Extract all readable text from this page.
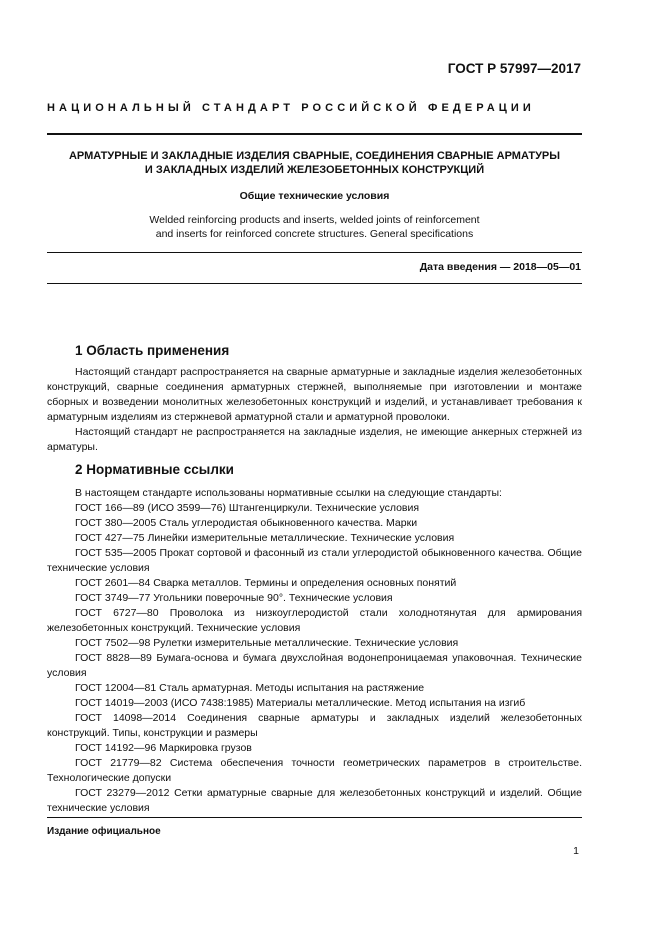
ГОСТ Р 57997—2017
НАЦИОНАЛЬНЫЙ СТАНДАРТ РОССИЙСКОЙ ФЕДЕРАЦИИ
АРМАТУРНЫЕ И ЗАКЛАДНЫЕ ИЗДЕЛИЯ СВАРНЫЕ, СОЕДИНЕНИЯ СВАРНЫЕ АРМАТУРЫ
И ЗАКЛАДНЫХ ИЗДЕЛИЙ ЖЕЛЕЗОБЕТОННЫХ КОНСТРУКЦИЙ
Общие технические условия
Welded reinforcing products and inserts, welded joints of reinforcement
and inserts for reinforced concrete structures. General specifications
Дата введения — 2018—05—01
1 Область применения

Настоящий стандарт распространяется на сварные арматурные и закладные изделия железобетонных конструкций, сварные соединения арматурных стержней, выполняемые при изготовлении и монтаже сборных и возведении монолитных железобетонных конструкций и изделий, и устанавливает требования к арматурным изделиям из стержневой арматурной стали и арматурной проволоки.

Настоящий стандарт не распространяется на закладные изделия, не имеющие анкерных стержней из арматуры.

2 Нормативные ссылки

В настоящем стандарте использованы нормативные ссылки на следующие стандарты:

ГОСТ 166—89 (ИСО 3599—76) Штангенциркули. Технические условия

ГОСТ 380—2005 Сталь углеродистая обыкновенного качества. Марки

ГОСТ 427—75 Линейки измерительные металлические. Технические условия

ГОСТ 535—2005 Прокат сортовой и фасонный из стали углеродистой обыкновенного качества. Общие технические условия

ГОСТ 2601—84 Сварка металлов. Термины и определения основных понятий

ГОСТ 3749—77 Угольники поверочные 90°. Технические условия

ГОСТ 6727—80 Проволока из низкоуглеродистой стали холоднотянутая для армирования железобетонных конструкций. Технические условия

ГОСТ 7502—98 Рулетки измерительные металлические. Технические условия

ГОСТ 8828—89 Бумага-основа и бумага двухслойная водонепроницаемая упаковочная. Технические условия

ГОСТ 12004—81 Сталь арматурная. Методы испытания на растяжение

ГОСТ 14019—2003 (ИСО 7438:1985) Материалы металлические. Метод испытания на изгиб

ГОСТ 14098—2014 Соединения сварные арматуры и закладных изделий железобетонных конструкций. Типы, конструкции и размеры

ГОСТ 14192—96 Маркировка грузов

ГОСТ 21779—82 Система обеспечения точности геометрических параметров в строительстве. Технологические допуски

ГОСТ 23279—2012 Сетки арматурные сварные для железобетонных конструкций и изделий. Общие технические условия

Издание официальное
1
